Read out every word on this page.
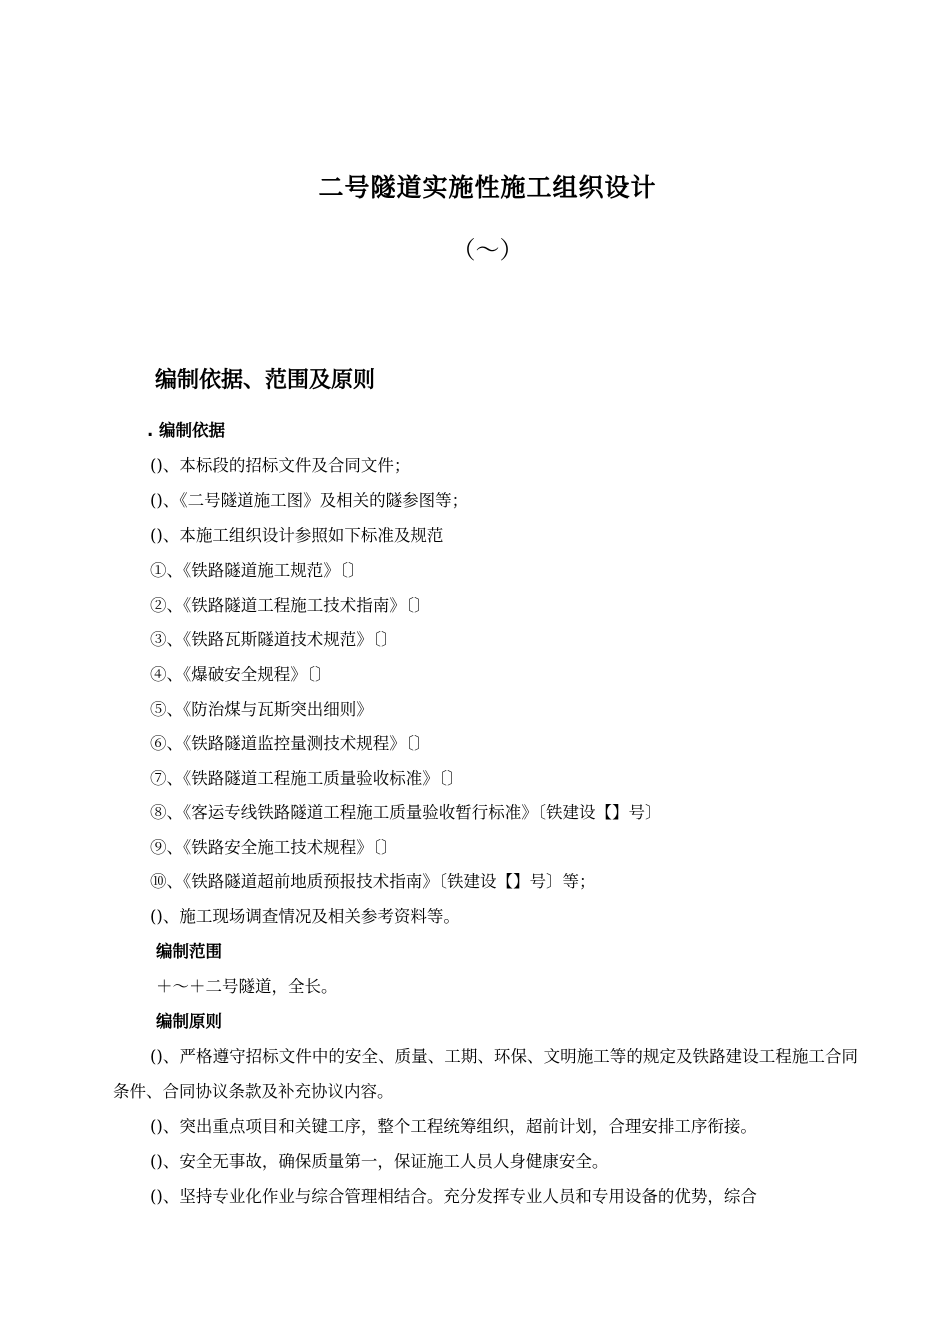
二号隧道实施性施工组织设计
（～）
编制依据、范围及原则
. 编制依据
()、本标段的招标文件及合同文件；
()、《二号隧道施工图》及相关的隧参图等；
()、本施工组织设计参照如下标准及规范
①、《铁路隧道施工规范》〔〕
②、《铁路隧道工程施工技术指南》〔〕
③、《铁路瓦斯隧道技术规范》〔〕
④、《爆破安全规程》〔〕
⑤、《防治煤与瓦斯突出细则》
⑥、《铁路隧道监控量测技术规程》〔〕
⑦、《铁路隧道工程施工质量验收标准》〔〕
⑧、《客运专线铁路隧道工程施工质量验收暂行标准》〔铁建设【】号〕
⑨、《铁路安全施工技术规程》〔〕
⑩、《铁路隧道超前地质预报技术指南》〔铁建设【】号〕等；
()、施工现场调查情况及相关参考资料等。
编制范围
＋～＋二号隧道，全长。
编制原则
()、严格遵守招标文件中的安全、质量、工期、环保、文明施工等的规定及铁路建设工程施工合同条件、合同协议条款及补充协议内容。
()、突出重点项目和关键工序，整个工程统筹组织，超前计划，合理安排工序衔接。
()、安全无事故，确保质量第一，保证施工人员人身健康安全。
()、坚持专业化作业与综合管理相结合。充分发挥专业人员和专用设备的优势，综合
